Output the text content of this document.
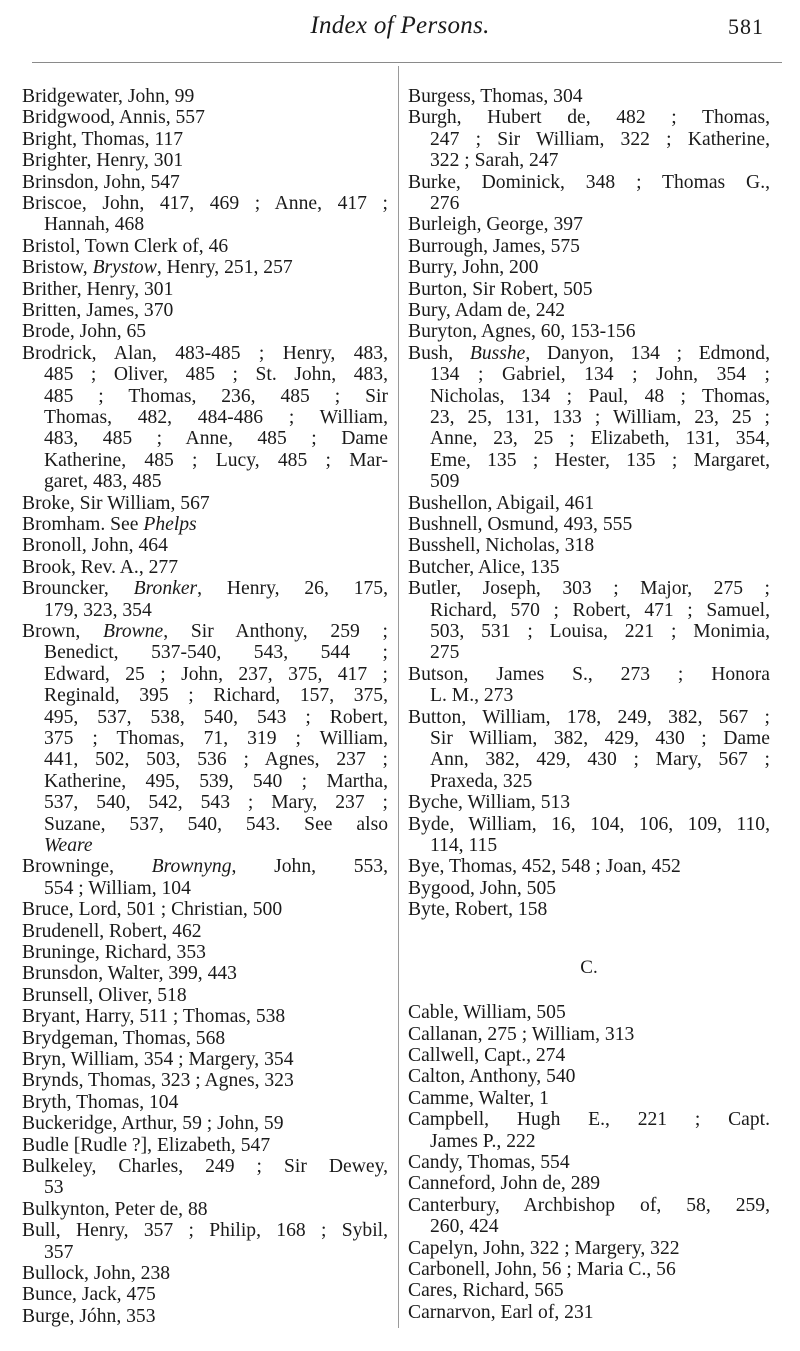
Index of Persons.	581
Bridgewater, John, 99
Bridgwood, Annis, 557
Bright, Thomas, 117
Brighter, Henry, 301
Brinsdon, John, 547
Briscoe, John, 417, 469 ; Anne, 417 ;
Hannah, 468
Bristol, Town Clerk of, 46
Bristow, Brystow, Henry, 251, 257
Brither, Henry, 301
Britten, James, 370
Brode, John, 65
Brodrick, Alan, 483-485 ; Henry, 483,
485 ; Oliver, 485 ; St. John, 483,
485 ; Thomas, 236, 485 ; Sir
Thomas, 482, 484-486 ; William,
483, 485 ; Anne, 485 ; Dame
Katherine, 485 ; Lucy, 485 ; Mar-
garet, 483, 485
Broke, Sir William, 567
Bromham. See Phelps
Bronoll, John, 464
Brook, Rev. A., 277
Brouncker, Bronker, Henry, 26, 175,
179, 323, 354
Brown, Browne, Sir Anthony, 259 ;
Benedict, 537-540, 543, 544 ;
Edward, 25 ; John, 237, 375, 417 ;
Reginald, 395 ; Richard, 157, 375,
495, 537, 538, 540, 543 ; Robert,
375 ; Thomas, 71, 319 ; William,
441, 502, 503, 536 ; Agnes, 237 ;
Katherine, 495, 539, 540 ; Martha,
537, 540, 542, 543 ; Mary, 237 ;
Suzane, 537, 540, 543. See also
Weare
Browninge, Brownyng, John, 553,
554 ; William, 104
Bruce, Lord, 501 ; Christian, 500
Brudenell, Robert, 462
Bruninge, Richard, 353
Brunsdon, Walter, 399, 443
Brunsell, Oliver, 518
Bryant, Harry, 511 ; Thomas, 538
Brydgeman, Thomas, 568
Bryn, William, 354 ; Margery, 354
Brynds, Thomas, 323 ; Agnes, 323
Bryth, Thomas, 104
Buckeridge, Arthur, 59 ; John, 59
Budle [Rudle ?], Elizabeth, 547
Bulkeley, Charles, 249 ; Sir Dewey,
53
Bulkynton, Peter de, 88
Bull, Henry, 357 ; Philip, 168 ; Sybil,
357
Bullock, John, 238
Bunce, Jack, 475
Burge, Jóhn, 353
Burgess, Thomas, 304
Burgh, Hubert de, 482 ; Thomas,
247 ; Sir William, 322 ; Katherine,
322 ; Sarah, 247
Burke, Dominick, 348 ; Thomas G.,
276
Burleigh, George, 397
Burrough, James, 575
Burry, John, 200
Burton, Sir Robert, 505
Bury, Adam de, 242
Buryton, Agnes, 60, 153-156
Bush, Busshe, Danyon, 134 ; Edmond,
134 ; Gabriel, 134 ; John, 354 ;
Nicholas, 134 ; Paul, 48 ; Thomas,
23, 25, 131, 133 ; William, 23, 25 ;
Anne, 23, 25 ; Elizabeth, 131, 354,
Eme, 135 ; Hester, 135 ; Margaret,
509
Bushellon, Abigail, 461
Bushnell, Osmund, 493, 555
Busshell, Nicholas, 318
Butcher, Alice, 135
Butler, Joseph, 303 ; Major, 275 ;
Richard, 570 ; Robert, 471 ; Samuel,
503, 531 ; Louisa, 221 ; Monimia,
275
Butson, James S., 273 ; Honora
L. M., 273
Button, William, 178, 249, 382, 567 ;
Sir William, 382, 429, 430 ; Dame
Ann, 382, 429, 430 ; Mary, 567 ;
Praxeda, 325
Byche, William, 513
Byde, William, 16, 104, 106, 109, 110,
114, 115
Bye, Thomas, 452, 548 ; Joan, 452
Bygood, John, 505
Byte, Robert, 158
C.
Cable, William, 505
Callanan, 275 ; William, 313
Callwell, Capt., 274
Calton, Anthony, 540
Camme, Walter, 1
Campbell, Hugh E., 221 ; Capt.
James P., 222
Candy, Thomas, 554
Canneford, John de, 289
Canterbury, Archbishop of, 58, 259,
260, 424
Capelyn, John, 322 ; Margery, 322
Carbonell, John, 56 ; Maria C., 56
Cares, Richard, 565
Carnarvon, Earl of, 231
